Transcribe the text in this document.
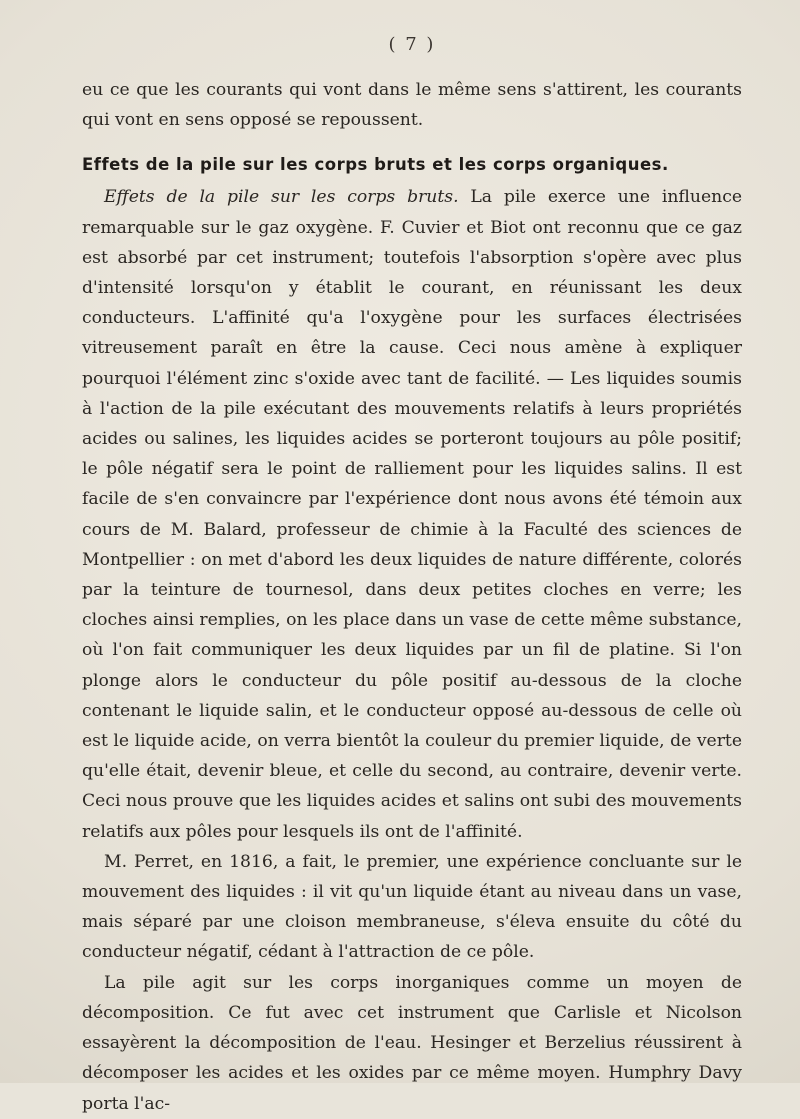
( 7 )

eu ce que les courants qui vont dans le même sens s'attirent, les courants qui vont en sens opposé se repoussent.

Effets de la pile sur les corps bruts et les corps organiques.

Effets de la pile sur les corps bruts. La pile exerce une influence remarquable sur le gaz oxygène. F. Cuvier et Biot ont reconnu que ce gaz est absorbé par cet instrument; toutefois l'absorption s'opère avec plus d'intensité lorsqu'on y établit le courant, en réunissant les deux conducteurs. L'affinité qu'a l'oxygène pour les surfaces électrisées vitreusement paraît en être la cause. Ceci nous amène à expliquer pourquoi l'élément zinc s'oxide avec tant de facilité. — Les liquides soumis à l'action de la pile exécutant des mouvements relatifs à leurs propriétés acides ou salines, les liquides acides se porteront toujours au pôle positif; le pôle négatif sera le point de ralliement pour les liquides salins. Il est facile de s'en convaincre par l'expérience dont nous avons été témoin aux cours de M. Balard, professeur de chimie à la Faculté des sciences de Montpellier : on met d'abord les deux liquides de nature différente, colorés par la teinture de tournesol, dans deux petites cloches en verre; les cloches ainsi remplies, on les place dans un vase de cette même substance, où l'on fait communiquer les deux liquides par un fil de platine. Si l'on plonge alors le conducteur du pôle positif au-dessous de la cloche contenant le liquide salin, et le conducteur opposé au-dessous de celle où est le liquide acide, on verra bientôt la couleur du premier liquide, de verte qu'elle était, devenir bleue, et celle du second, au contraire, devenir verte. Ceci nous prouve que les liquides acides et salins ont subi des mouvements relatifs aux pôles pour lesquels ils ont de l'affinité.

M. Perret, en 1816, a fait, le premier, une expérience concluante sur le mouvement des liquides : il vit qu'un liquide étant au niveau dans un vase, mais séparé par une cloison membraneuse, s'éleva ensuite du côté du conducteur négatif, cédant à l'attraction de ce pôle.

La pile agit sur les corps inorganiques comme un moyen de décomposition. Ce fut avec cet instrument que Carlisle et Nicolson essayèrent la décomposition de l'eau. Hesinger et Berzelius réussirent à décomposer les acides et les oxides par ce même moyen. Humphry Davy porta l'ac-
